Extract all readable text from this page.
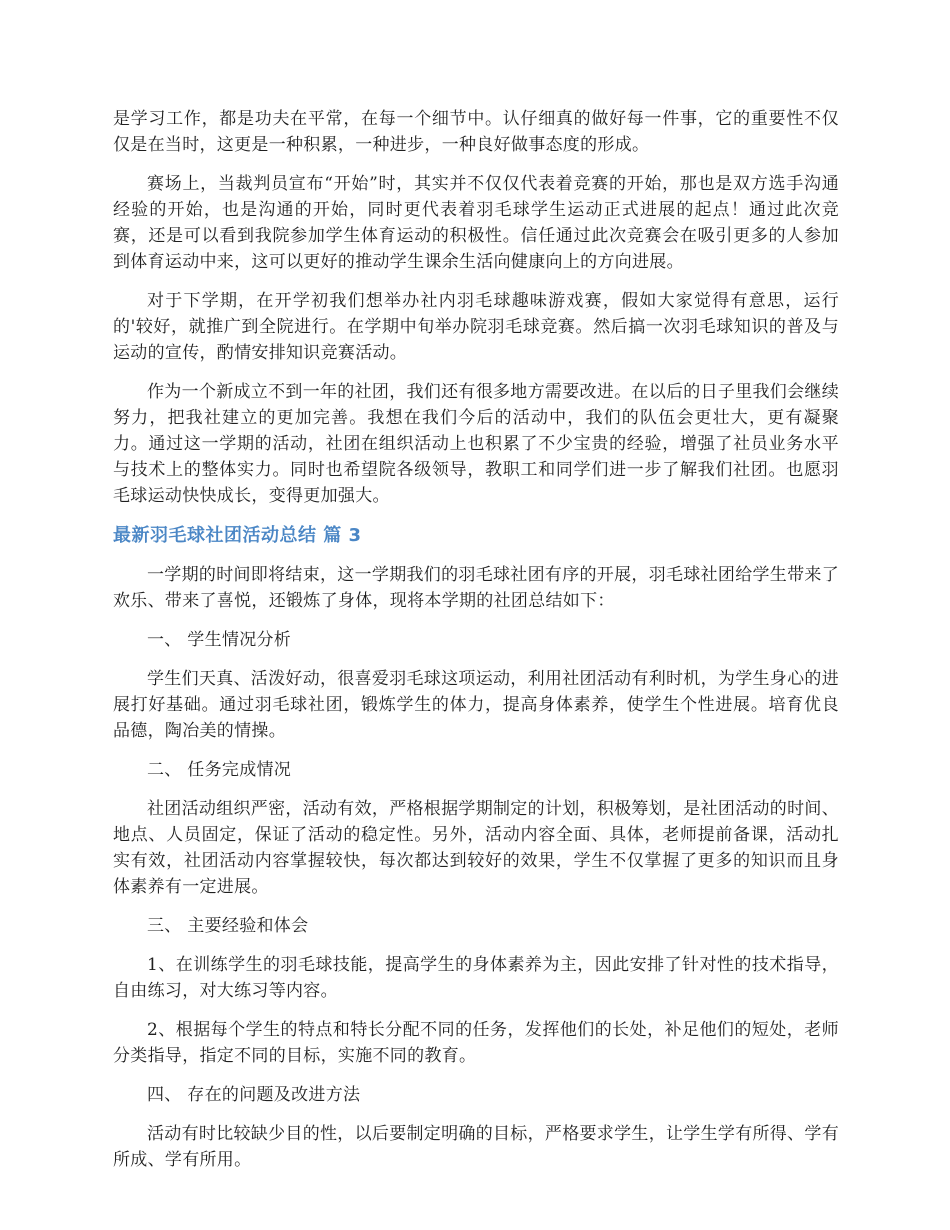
是学习工作，都是功夫在平常，在每一个细节中。认仔细真的做好每一件事，它的重要性不仅仅是在当时，这更是一种积累，一种进步，一种良好做事态度的形成。

赛场上，当裁判员宣布“开始”时，其实并不仅仅代表着竞赛的开始，那也是双方选手沟通经验的开始，也是沟通的开始，同时更代表着羽毛球学生运动正式进展的起点！通过此次竞赛，还是可以看到我院参加学生体育运动的积极性。信任通过此次竞赛会在吸引更多的人参加到体育运动中来，这可以更好的推动学生课余生活向健康向上的方向进展。

对于下学期，在开学初我们想举办社内羽毛球趣味游戏赛，假如大家觉得有意思，运行的'较好，就推广到全院进行。在学期中旬举办院羽毛球竞赛。然后搞一次羽毛球知识的普及与运动的宣传，酌情安排知识竞赛活动。

作为一个新成立不到一年的社团，我们还有很多地方需要改进。在以后的日子里我们会继续努力，把我社建立的更加完善。我想在我们今后的活动中，我们的队伍会更壮大，更有凝聚力。通过这一学期的活动，社团在组织活动上也积累了不少宝贵的经验，增强了社员业务水平与技术上的整体实力。同时也希望院各级领导，教职工和同学们进一步了解我们社团。也愿羽毛球运动快快成长，变得更加强大。

最新羽毛球社团活动总结 篇 3

一学期的时间即将结束，这一学期我们的羽毛球社团有序的开展，羽毛球社团给学生带来了欢乐、带来了喜悦，还锻炼了身体，现将本学期的社团总结如下：

一、 学生情况分析

学生们天真、活泼好动，很喜爱羽毛球这项运动，利用社团活动有利时机，为学生身心的进展打好基础。通过羽毛球社团，锻炼学生的体力，提高身体素养，使学生个性进展。培育优良品德，陶冶美的情操。

二、 任务完成情况

社团活动组织严密，活动有效，严格根据学期制定的计划，积极筹划，是社团活动的时间、地点、人员固定，保证了活动的稳定性。另外，活动内容全面、具体，老师提前备课，活动扎实有效，社团活动内容掌握较快，每次都达到较好的效果，学生不仅掌握了更多的知识而且身体素养有一定进展。

三、 主要经验和体会

1、在训练学生的羽毛球技能，提高学生的身体素养为主，因此安排了针对性的技术指导，自由练习，对大练习等内容。

2、根据每个学生的特点和特长分配不同的任务，发挥他们的长处，补足他们的短处，老师分类指导，指定不同的目标，实施不同的教育。

四、 存在的问题及改进方法

活动有时比较缺少目的性，以后要制定明确的目标，严格要求学生，让学生学有所得、学有所成、学有所用。
